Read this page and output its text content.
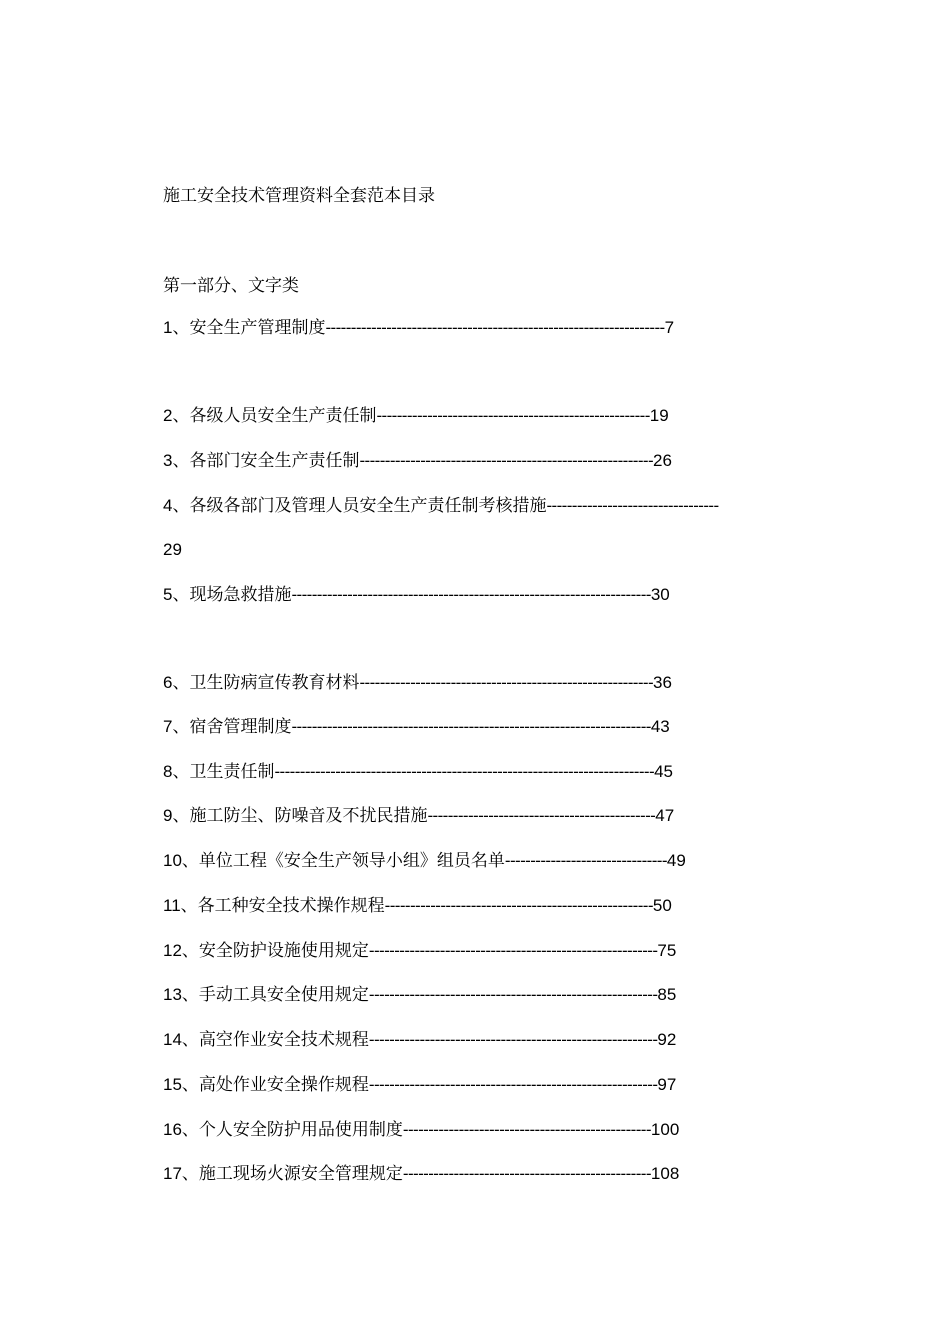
施工安全技术管理资料全套范本目录
第一部分、文字类
1、安全生产管理制度-------------------------------------------------------------------7
2、各级人员安全生产责任制------------------------------------------------------19
3、各部门安全生产责任制----------------------------------------------------------26
4、各级各部门及管理人员安全生产责任制考核措施----------------------------------
29
5、现场急救措施-----------------------------------------------------------------------30
6、卫生防病宣传教育材料----------------------------------------------------------36
7、宿舍管理制度-----------------------------------------------------------------------43
8、卫生责任制---------------------------------------------------------------------------45
9、施工防尘、防噪音及不扰民措施---------------------------------------------47
10、单位工程《安全生产领导小组》组员名单--------------------------------49
11、各工种安全技术操作规程-----------------------------------------------------50
12、安全防护设施使用规定---------------------------------------------------------75
13、手动工具安全使用规定---------------------------------------------------------85
14、高空作业安全技术规程---------------------------------------------------------92
15、高处作业安全操作规程---------------------------------------------------------97
16、个人安全防护用品使用制度-------------------------------------------------100
17、施工现场火源安全管理规定-------------------------------------------------108
